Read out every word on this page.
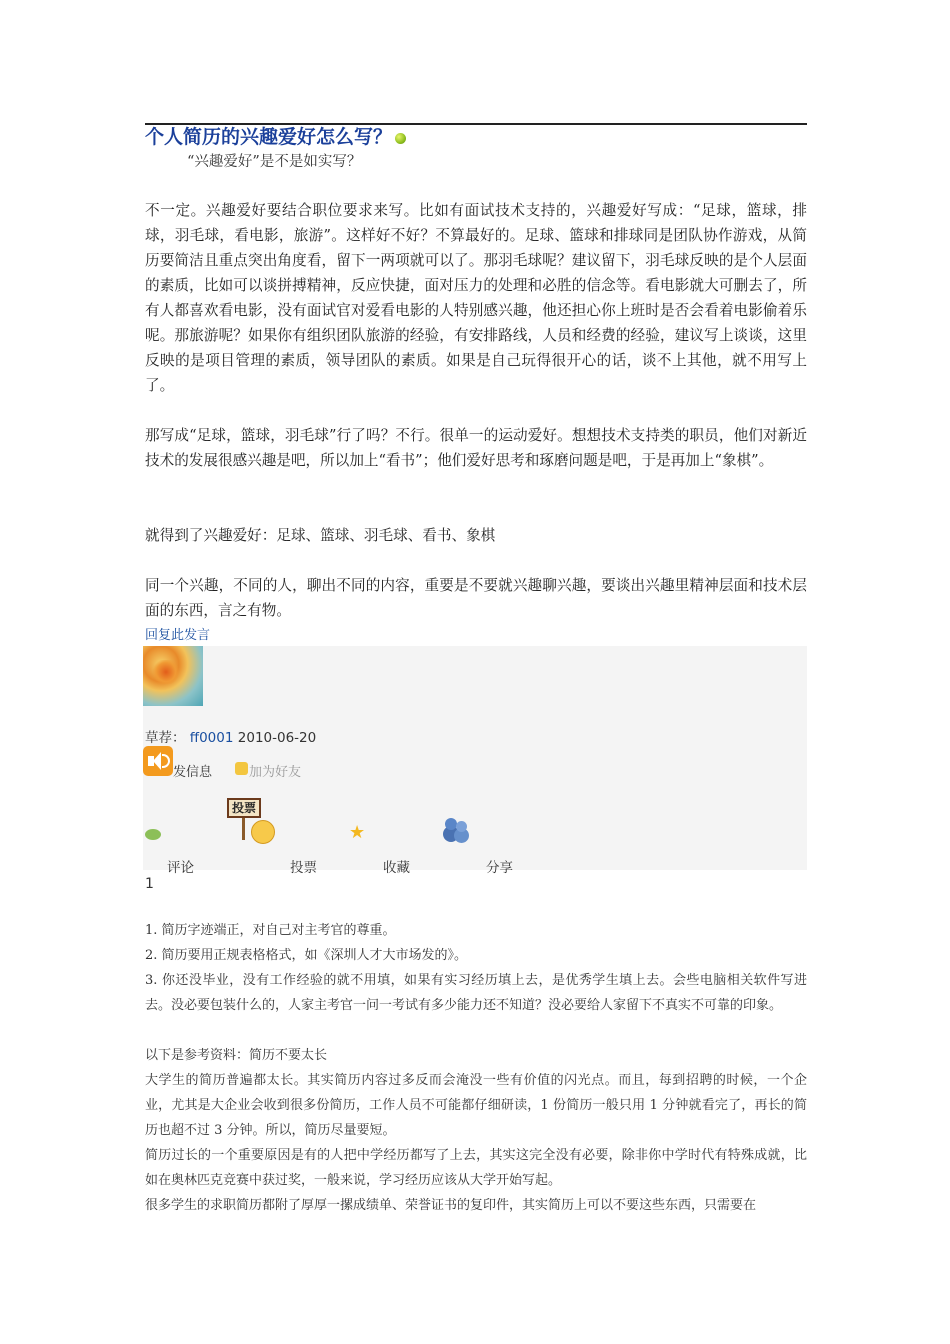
个人简历的兴趣爱好怎么写？
“兴趣爱好”是不是如实写？
不一定。兴趣爱好要结合职位要求来写。比如有面试技术支持的，兴趣爱好写成：“足球，篮球，排球，羽毛球，看电影，旅游”。这样好不好？不算最好的。足球、篮球和排球同是团队协作游戏，从简历要简洁且重点突出角度看，留下一两项就可以了。那羽毛球呢？建议留下，羽毛球反映的是个人层面的素质，比如可以谈拼搏精神，反应快捷，面对压力的处理和必胜的信念等。看电影就大可删去了，所有人都喜欢看电影，没有面试官对爱看电影的人特别感兴趣，他还担心你上班时是否会看着电影偷着乐呢。那旅游呢？如果你有组织团队旅游的经验，有安排路线，人员和经费的经验，建议写上谈谈，这里反映的是项目管理的素质，领导团队的素质。如果是自己玩得很开心的话，谈不上其他，就不用写上了。
那写成“足球，篮球，羽毛球”行了吗？不行。很单一的运动爱好。想想技术支持类的职员，他们对新近技术的发展很感兴趣是吧，所以加上“看书”；他们爱好思考和琢磨问题是吧，于是再加上“象棋”。
就得到了兴趣爱好：足球、篮球、羽毛球、看书、象棋
同一个兴趣，不同的人，聊出不同的内容，重要是不要就兴趣聊兴趣，要谈出兴趣里精神层面和技术层面的东西，言之有物。
回复此发言
草荐： ff0001 2010-06-20
发信息	加为好友
投票
★
评论	投票	收藏	分享
1
1. 简历字迹端正，对自己对主考官的尊重。
2. 简历要用正规表格格式，如《深圳人才大市场发的》。
3. 你还没毕业，没有工作经验的就不用填，如果有实习经历填上去，是优秀学生填上去。会些电脑相关软件写进去。没必要包装什么的，人家主考官一问一考试有多少能力还不知道？没必要给人家留下不真实不可靠的印象。
以下是参考资料：简历不要太长
大学生的简历普遍都太长。其实简历内容过多反而会淹没一些有价值的闪光点。而且，每到招聘的时候，一个企业，尤其是大企业会收到很多份简历，工作人员不可能都仔细研读，1 份简历一般只用 1 分钟就看完了，再长的简历也超不过 3 分钟。所以，简历尽量要短。
简历过长的一个重要原因是有的人把中学经历都写了上去，其实这完全没有必要，除非你中学时代有特殊成就，比如在奥林匹克竞赛中获过奖，一般来说，学习经历应该从大学开始写起。
很多学生的求职简历都附了厚厚一摞成绩单、荣誉证书的复印件，其实简历上可以不要这些东西，只需要在
